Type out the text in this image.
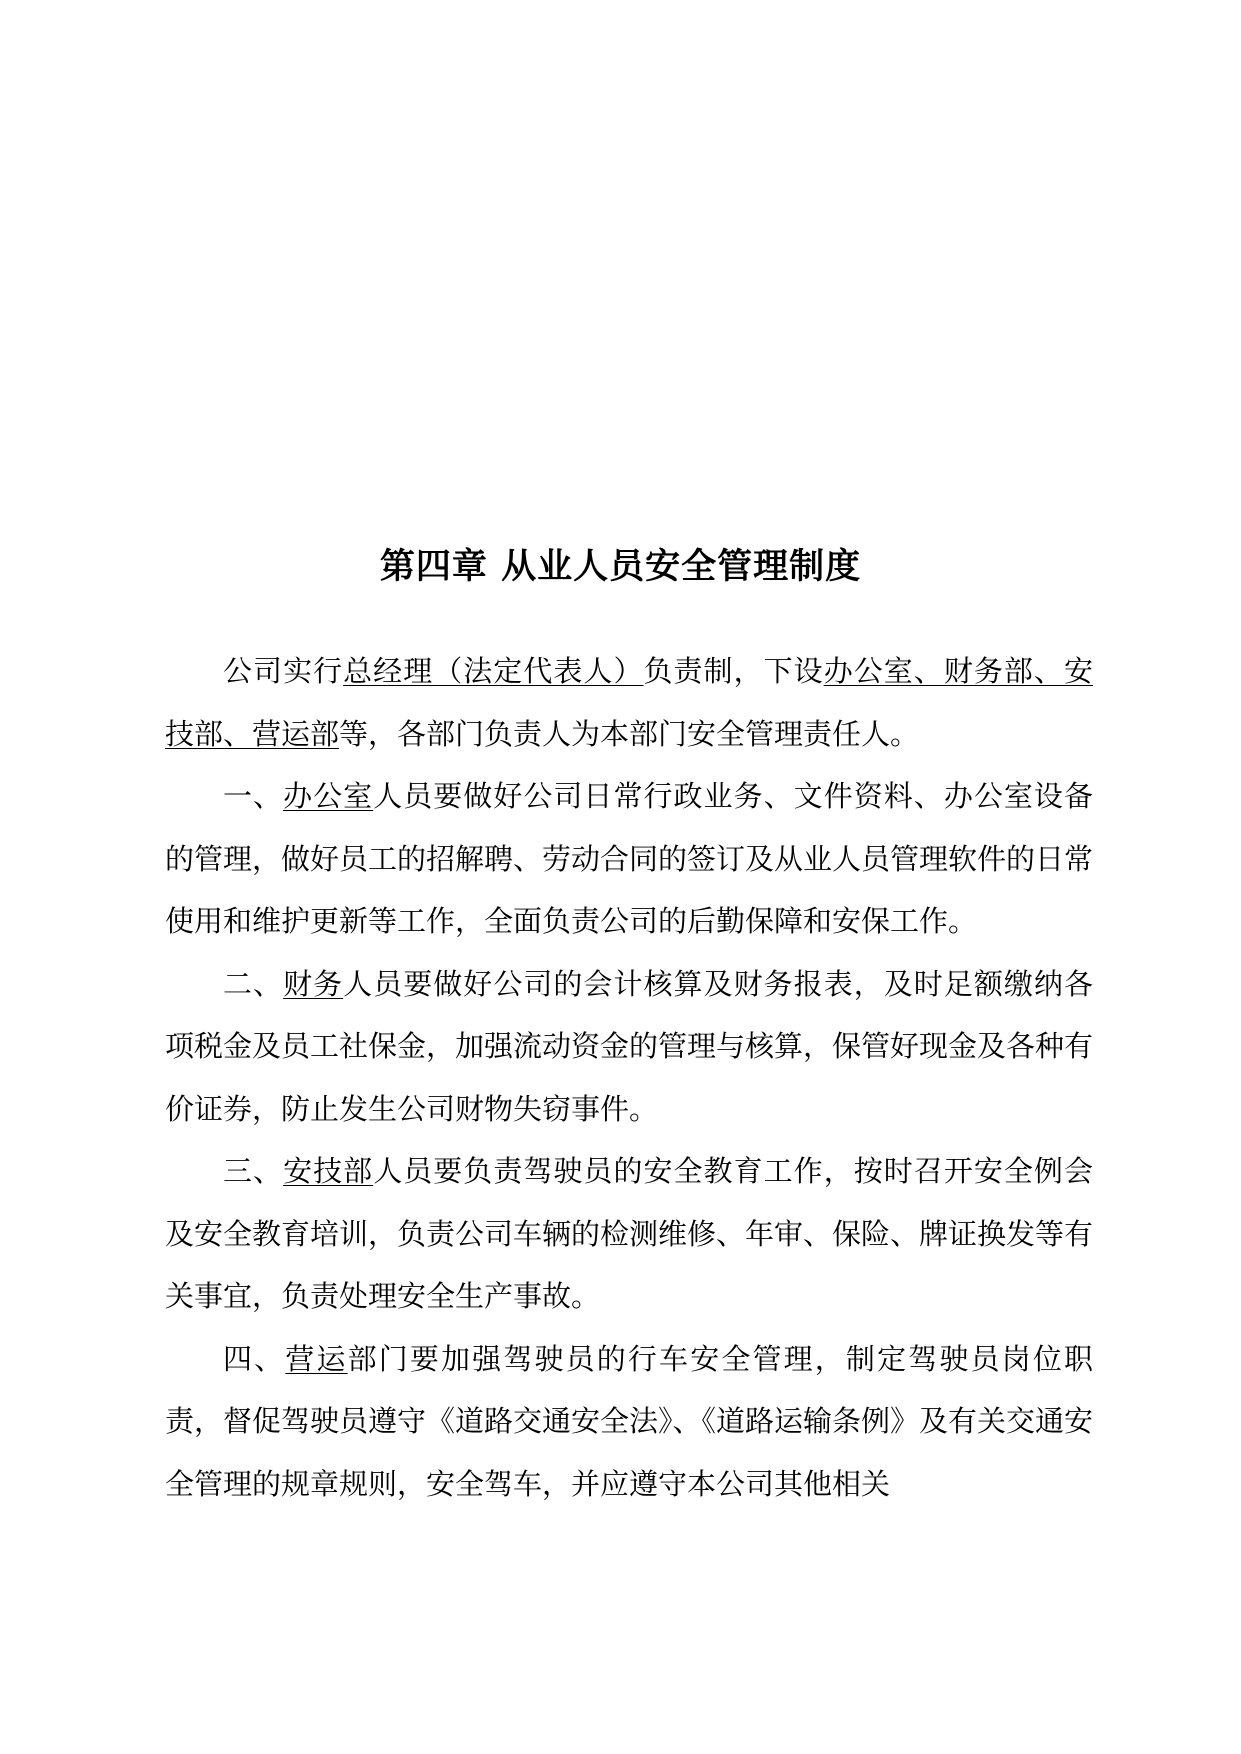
第四章 从业人员安全管理制度

公司实行总经理（法定代表人）负责制，下设办公室、财务部、安技部、营运部等，各部门负责人为本部门安全管理责任人。

一、办公室人员要做好公司日常行政业务、文件资料、办公室设备的管理，做好员工的招解聘、劳动合同的签订及从业人员管理软件的日常使用和维护更新等工作，全面负责公司的后勤保障和安保工作。

二、财务人员要做好公司的会计核算及财务报表，及时足额缴纳各项税金及员工社保金，加强流动资金的管理与核算，保管好现金及各种有价证券，防止发生公司财物失窃事件。

三、安技部人员要负责驾驶员的安全教育工作，按时召开安全例会及安全教育培训，负责公司车辆的检测维修、年审、保险、牌证换发等有关事宜，负责处理安全生产事故。

四、营运部门要加强驾驶员的行车安全管理，制定驾驶员岗位职责，督促驾驶员遵守《道路交通安全法》、《道路运输条例》及有关交通安全管理的规章规则，安全驾车，并应遵守本公司其他相关
